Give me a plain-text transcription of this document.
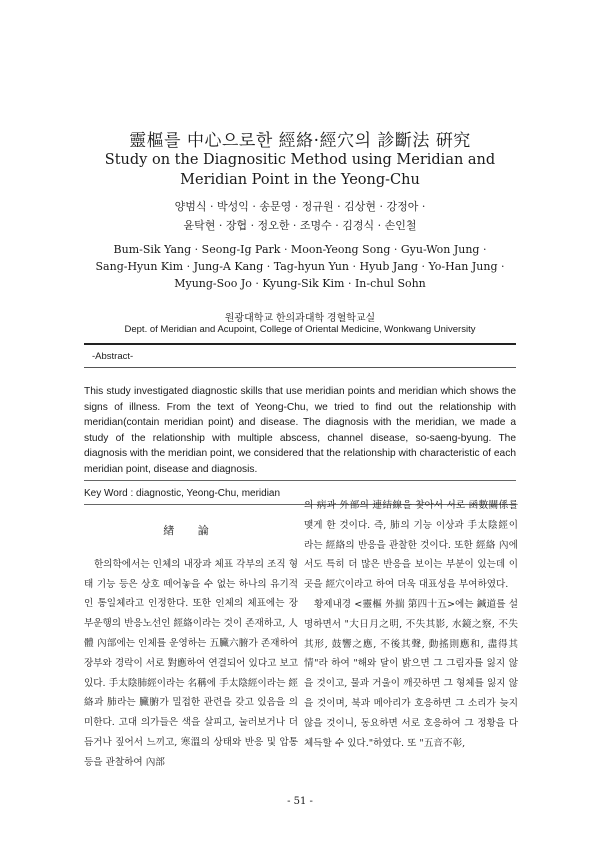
靈樞를 中心으로한 經絡·經穴의 診斷法 硏究
Study on the Diagnositic Method using Meridian and
Meridian Point in the Yeong-Chu
양범식 · 박성익 · 송문영 · 정규원 · 김상현 · 강정아 ·
윤탁현 · 장협 · 정오한 · 조명수 · 김경식 · 손인철
Bum-Sik Yang · Seong-Ig Park · Moon-Yeong Song · Gyu-Won Jung ·
Sang-Hyun Kim · Jung-A Kang · Tag-hyun Yun · Hyub Jang · Yo-Han Jung ·
Myung-Soo Jo · Kyung-Sik Kim · In-chul Sohn
원광대학교 한의과대학 경혈학교실
Dept. of Meridian and Acupoint, College of Oriental Medicine, Wonkwang University
-Abstract-
This study investigated diagnostic skills that use meridian points and meridian which shows the signs of illness. From the text of Yeong-Chu, we tried to find out the relationship with meridian(contain meridian point) and disease. The diagnosis with the meridian, we made a study of the relationship with multiple abscess, channel disease, so-saeng-byung. The diagnosis with the meridian point, we considered that the relationship with characteristic of each meridian point, disease and diagnosis.
Key Word : diagnostic, Yeong-Chu, meridian
緖 論

한의학에서는 인체의 내장과 체표 각부의 조직 형태 기능 등은 상호 떼어놓을 수 없는 하나의 유기적인 통일체라고 인정한다. 또한 인체의 체표에는 장부운행의 반응노선인 經絡이라는 것이 존재하고, 人體 內部에는 인체를 운영하는 五臟六腑가 존재하여 장부와 경락이 서로 對應하여 연결되어 있다고 보고 있다. 手太陰肺經이라는 名稱에 手太陰經이라는 經絡과 肺라는 臟腑가 밀접한 관련을 갖고 있음을 의미한다. 고대 의가들은 색을 살피고, 눌러보거나 더듬거나 짚어서 느끼고, 寒溫의 상태와 반응 및 압통등을 관찰하여 內部

의 病과 外部의 連結線을 찾아서 서로 函數關係를 맺게 한 것이다. 즉, 肺의 기능 이상과 手太陰經이라는 經絡의 반응을 관찰한 것이다. 또한 經絡 內에서도 특히 더 많은 반응을 보이는 부분이 있는데 이곳을 經穴이라고 하여 더욱 대표성을 부여하였다.

황제내경 <靈樞 外揣 第四十五>에는 鍼道를 설명하면서 "大日月之明, 不失其影, 水鏡之察, 不失其形, 鼓響之應, 不後其聲, 動搖則應和, 盡得其情"라 하여 "해와 달이 밝으면 그 그림자를 잃지 않을 것이고, 물과 거울이 깨끗하면 그 형체를 잃지 않을 것이며, 북과 메아리가 호응하면 그 소리가 늦지 않을 것이니, 동요하면 서로 호응하여 그 정황을 다 체득할 수 있다."하였다. 또 "五音不彰,

- 51 -
